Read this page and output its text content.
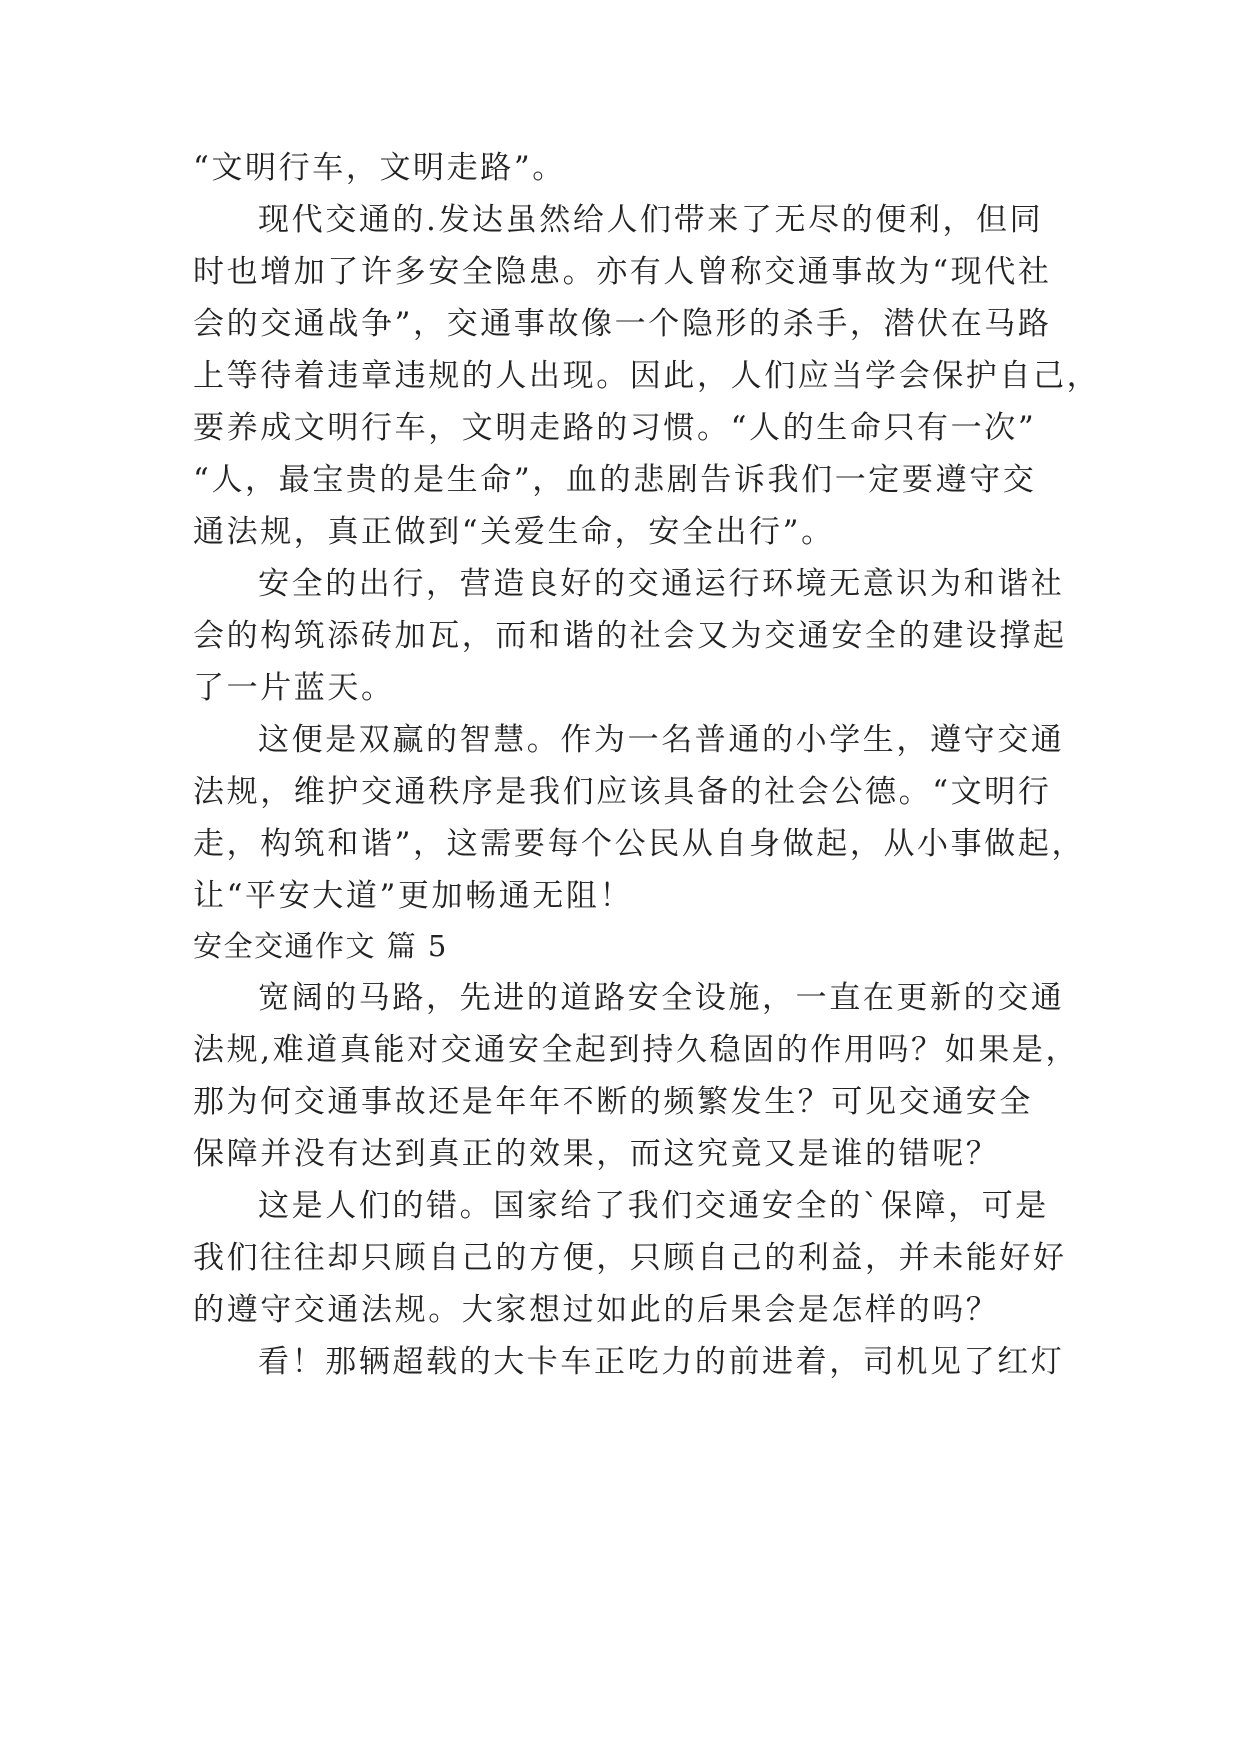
“文明行车，文明走路”。
现代交通的.发达虽然给人们带来了无尽的便利，但同
时也增加了许多安全隐患。亦有人曾称交通事故为“现代社
会的交通战争”，交通事故像一个隐形的杀手，潜伏在马路
上等待着违章违规的人出现。因此，人们应当学会保护自己，
要养成文明行车，文明走路的习惯。“人的生命只有一次”
“人，最宝贵的是生命”，血的悲剧告诉我们一定要遵守交
通法规，真正做到“关爱生命，安全出行”。
安全的出行，营造良好的交通运行环境无意识为和谐社
会的构筑添砖加瓦，而和谐的社会又为交通安全的建设撑起
了一片蓝天。
这便是双赢的智慧。作为一名普通的小学生，遵守交通
法规，维护交通秩序是我们应该具备的社会公德。“文明行
走，构筑和谐”，这需要每个公民从自身做起，从小事做起，
让“平安大道”更加畅通无阻！
安全交通作文 篇 5
宽阔的马路，先进的道路安全设施，一直在更新的交通
法规,难道真能对交通安全起到持久稳固的作用吗？如果是，
那为何交通事故还是年年不断的频繁发生？可见交通安全
保障并没有达到真正的效果，而这究竟又是谁的错呢？
这是人们的错。国家给了我们交通安全的`保障，可是
我们往往却只顾自己的方便，只顾自己的利益，并未能好好
的遵守交通法规。大家想过如此的后果会是怎样的吗？
看！那辆超载的大卡车正吃力的前进着，司机见了红灯
